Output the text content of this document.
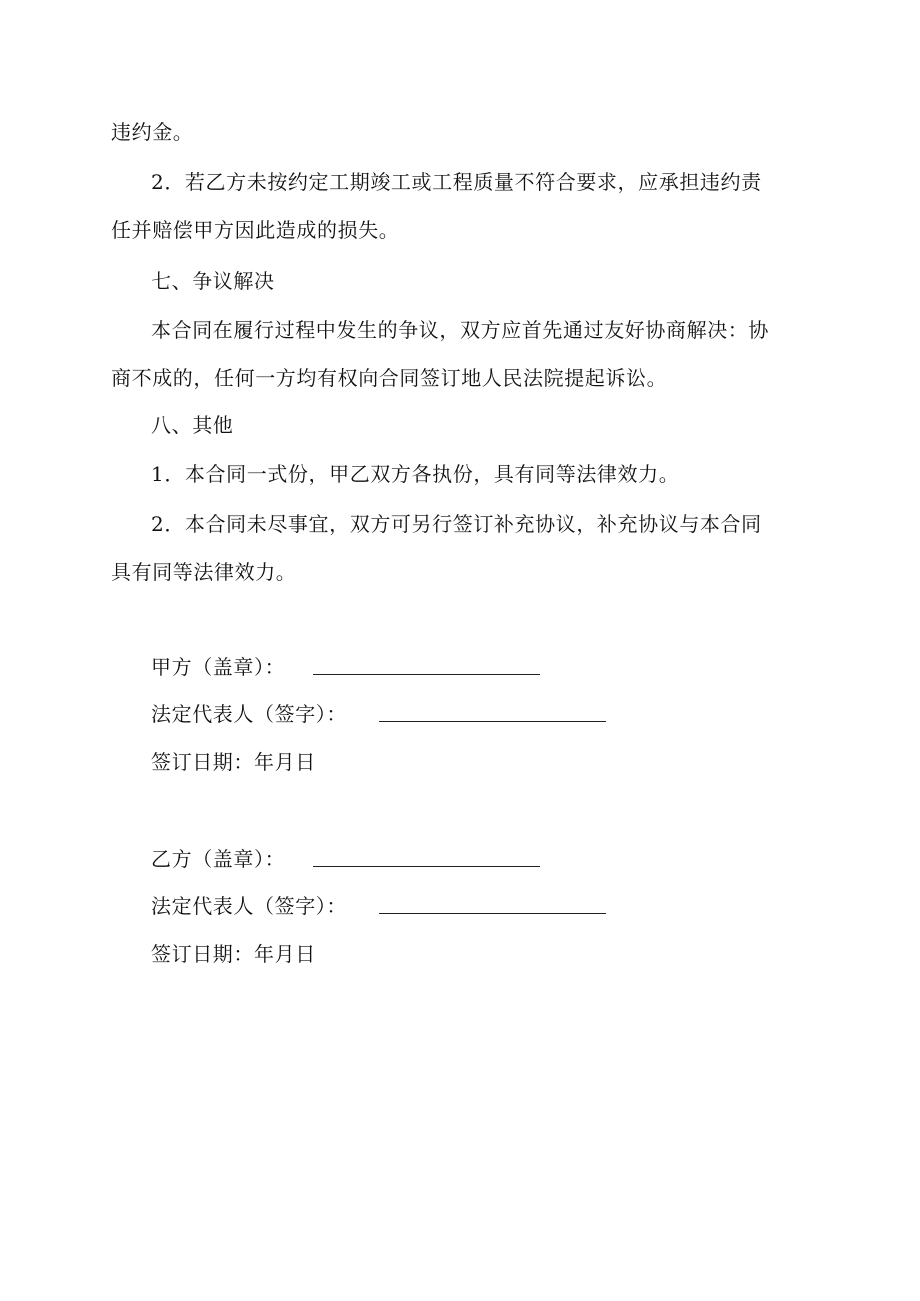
违约金。
2．若乙方未按约定工期竣工或工程质量不符合要求，应承担违约责
任并赔偿甲方因此造成的损失。
七、争议解决
本合同在履行过程中发生的争议，双方应首先通过友好协商解决：协
商不成的，任何一方均有权向合同签订地人民法院提起诉讼。
八、其他
1．本合同一式份，甲乙双方各执份，具有同等法律效力。
2．本合同未尽事宜，双方可另行签订补充协议，补充协议与本合同
具有同等法律效力。
甲方（盖章）：
法定代表人（签字）：
签订日期：年月日
乙方（盖章）：
法定代表人（签字）：
签订日期：年月日
